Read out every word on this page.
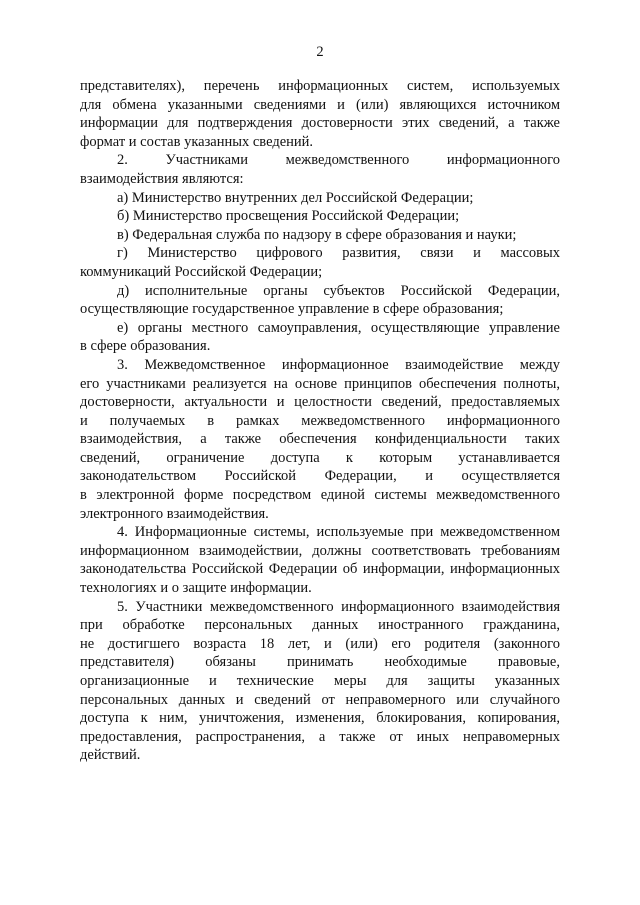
2
представителях), перечень информационных систем, используемых
для обмена указанными сведениями и (или) являющихся источником
информации для подтверждения достоверности этих сведений, а также
формат и состав указанных сведений.
2. Участниками межведомственного информационного
взаимодействия являются:
а) Министерство внутренних дел Российской Федерации;
б) Министерство просвещения Российской Федерации;
в) Федеральная служба по надзору в сфере образования и науки;
г) Министерство цифрового развития, связи и массовых
коммуникаций Российской Федерации;
д) исполнительные органы субъектов Российской Федерации,
осуществляющие государственное управление в сфере образования;
е) органы местного самоуправления, осуществляющие управление
в сфере образования.
3. Межведомственное информационное взаимодействие между
его участниками реализуется на основе принципов обеспечения полноты,
достоверности, актуальности и целостности сведений, предоставляемых
и получаемых в рамках межведомственного информационного
взаимодействия, а также обеспечения конфиденциальности таких
сведений, ограничение доступа к которым устанавливается
законодательством Российской Федерации, и осуществляется
в электронной форме посредством единой системы межведомственного
электронного взаимодействия.
4. Информационные системы, используемые при межведомственном
информационном взаимодействии, должны соответствовать требованиям
законодательства Российской Федерации об информации, информационных
технологиях и о защите информации.
5. Участники межведомственного информационного взаимодействия
при обработке персональных данных иностранного гражданина,
не достигшего возраста 18 лет, и (или) его родителя (законного
представителя) обязаны принимать необходимые правовые,
организационные и технические меры для защиты указанных
персональных данных и сведений от неправомерного или случайного
доступа к ним, уничтожения, изменения, блокирования, копирования,
предоставления, распространения, а также от иных неправомерных
действий.
